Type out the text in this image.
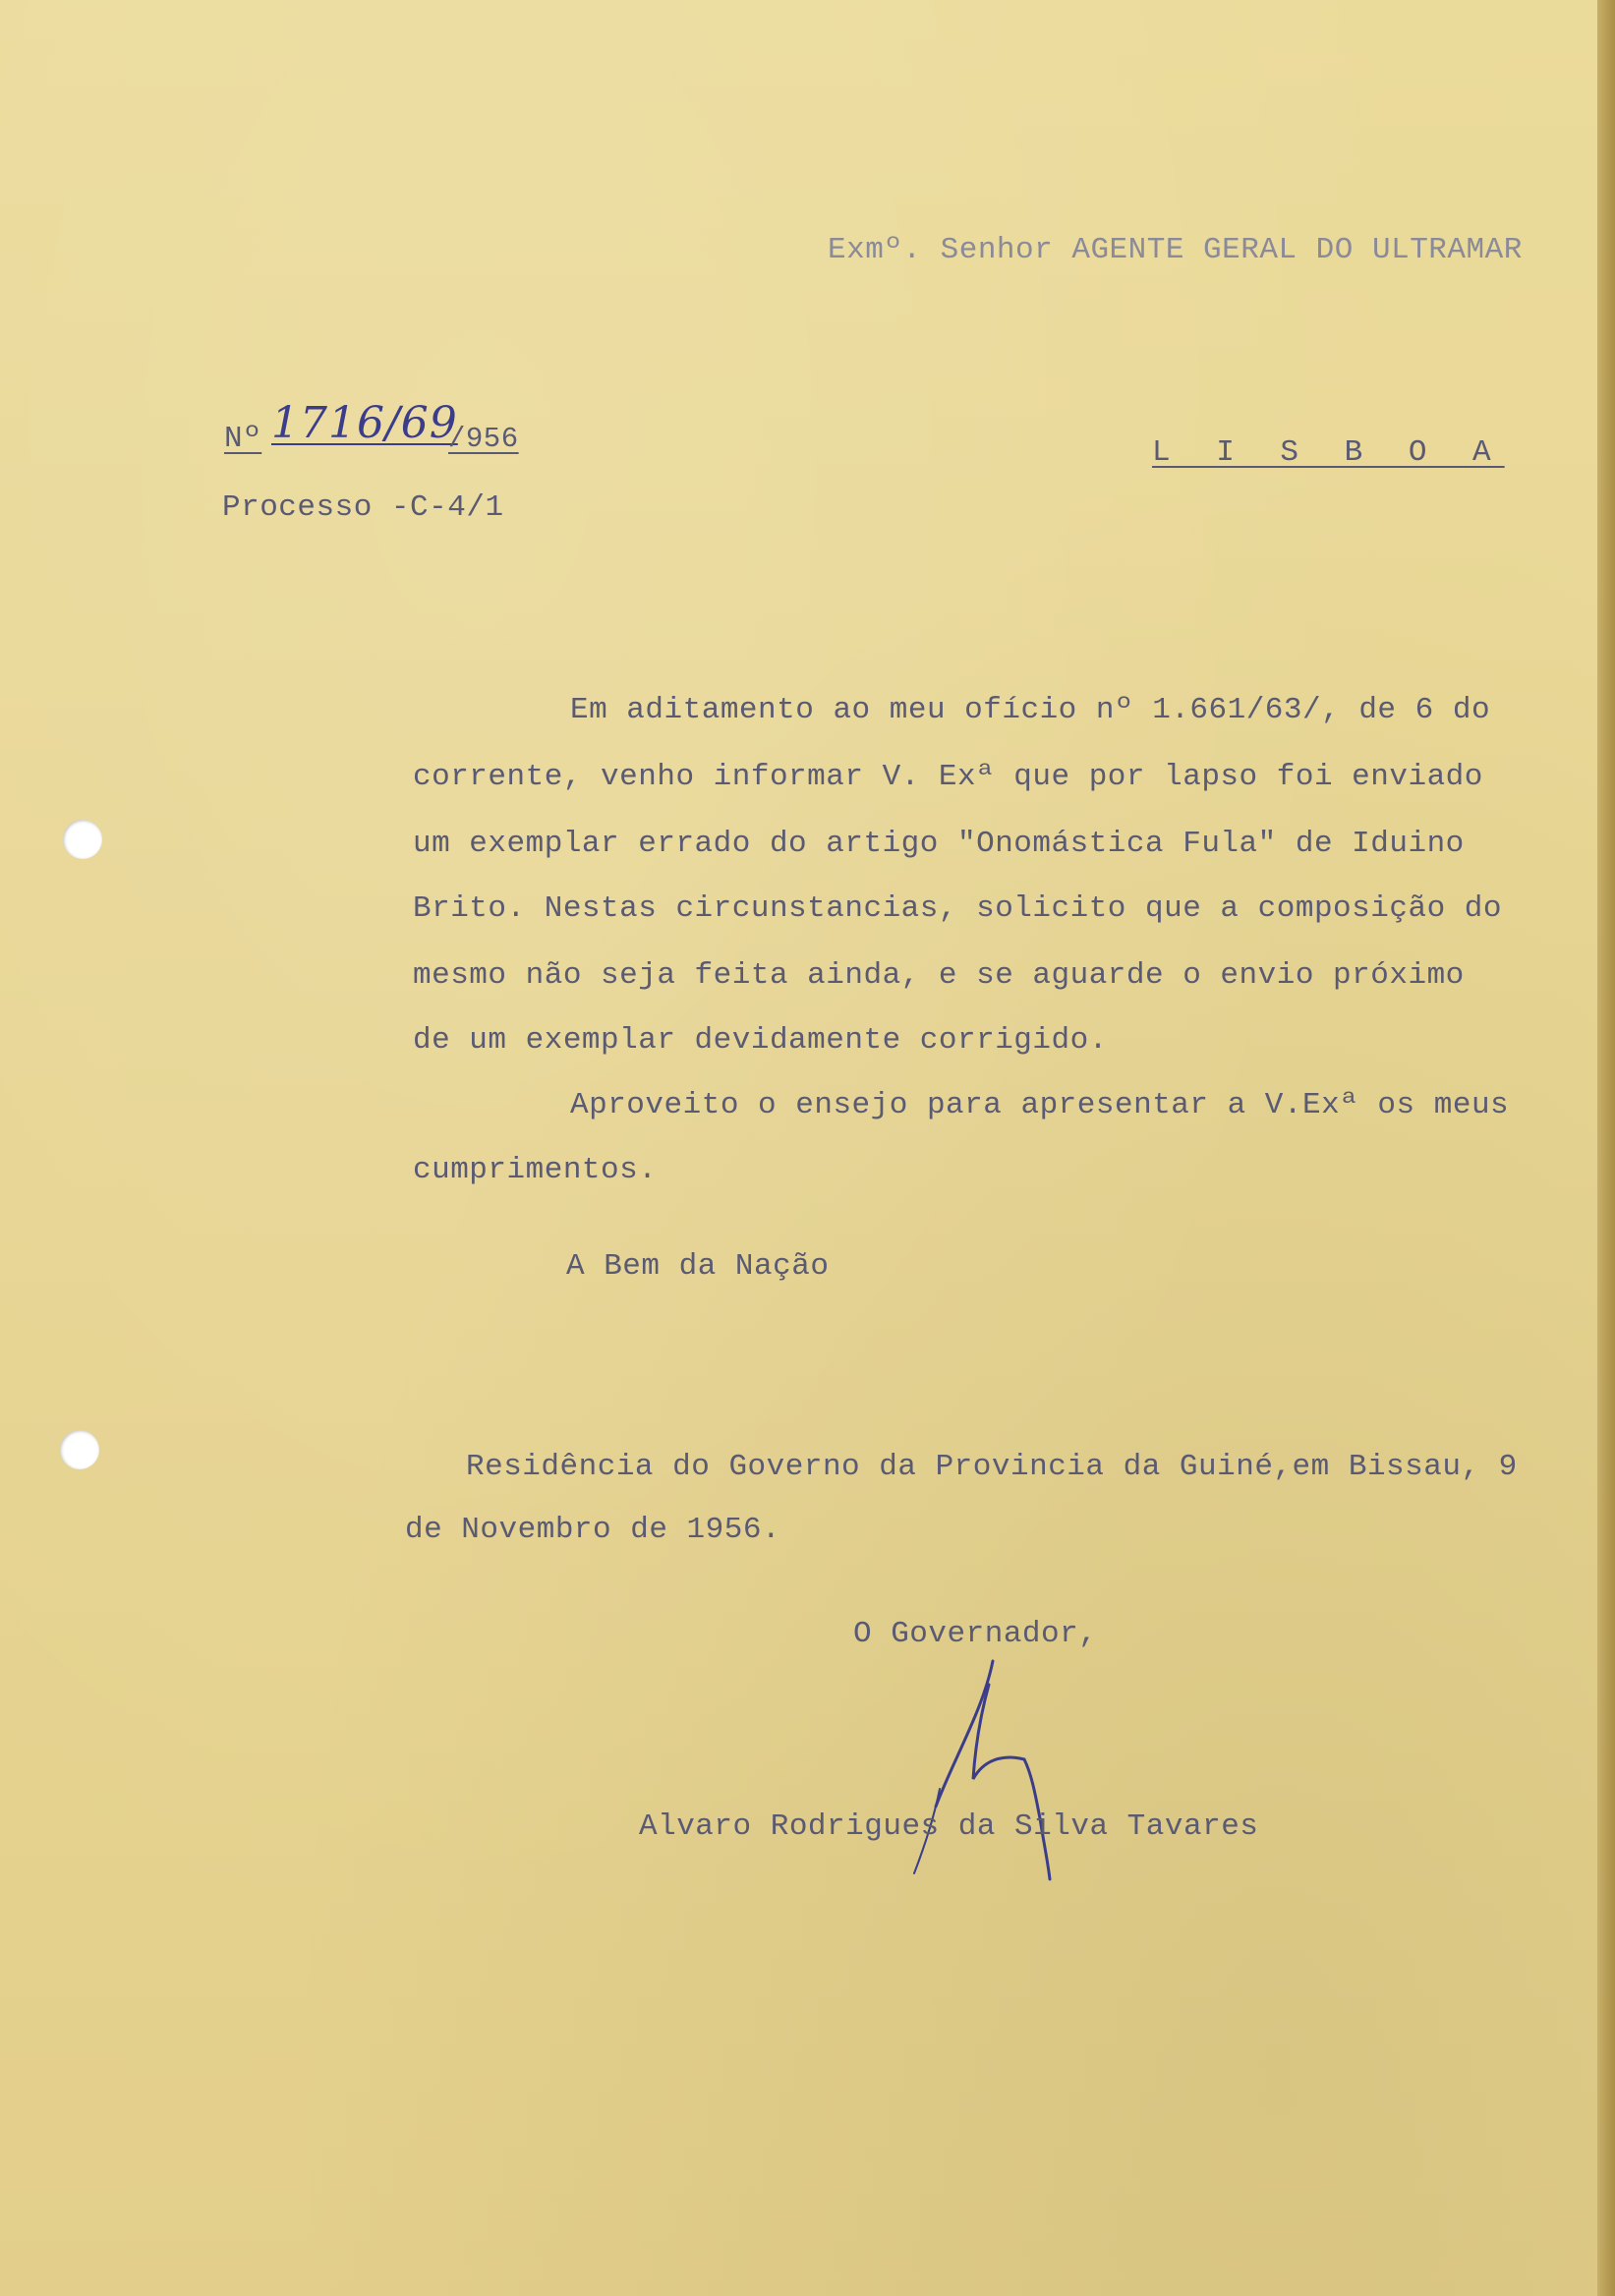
Exmº. Senhor AGENTE GERAL DO ULTRAMAR

Nº 1716/69
/956	L I S B O A

Processo -C-4/1

Em aditamento ao meu ofício nº 1.661/63/, de 6 do

corrente, venho informar V. Exª que por lapso foi enviado

um exemplar errado do artigo "Onomástica Fula" de Iduino

Brito. Nestas circunstancias, solicito que a composição do

mesmo não seja feita ainda, e se aguarde o envio próximo

de um exemplar devidamente corrigido.

Aproveito o ensejo para apresentar a V.Exª os meus

cumprimentos.

A Bem da Nação

Residência do Governo da Provincia da Guiné,em Bissau, 9

de Novembro de 1956.

O Governador,

Alvaro Rodrigues da Silva Tavares
